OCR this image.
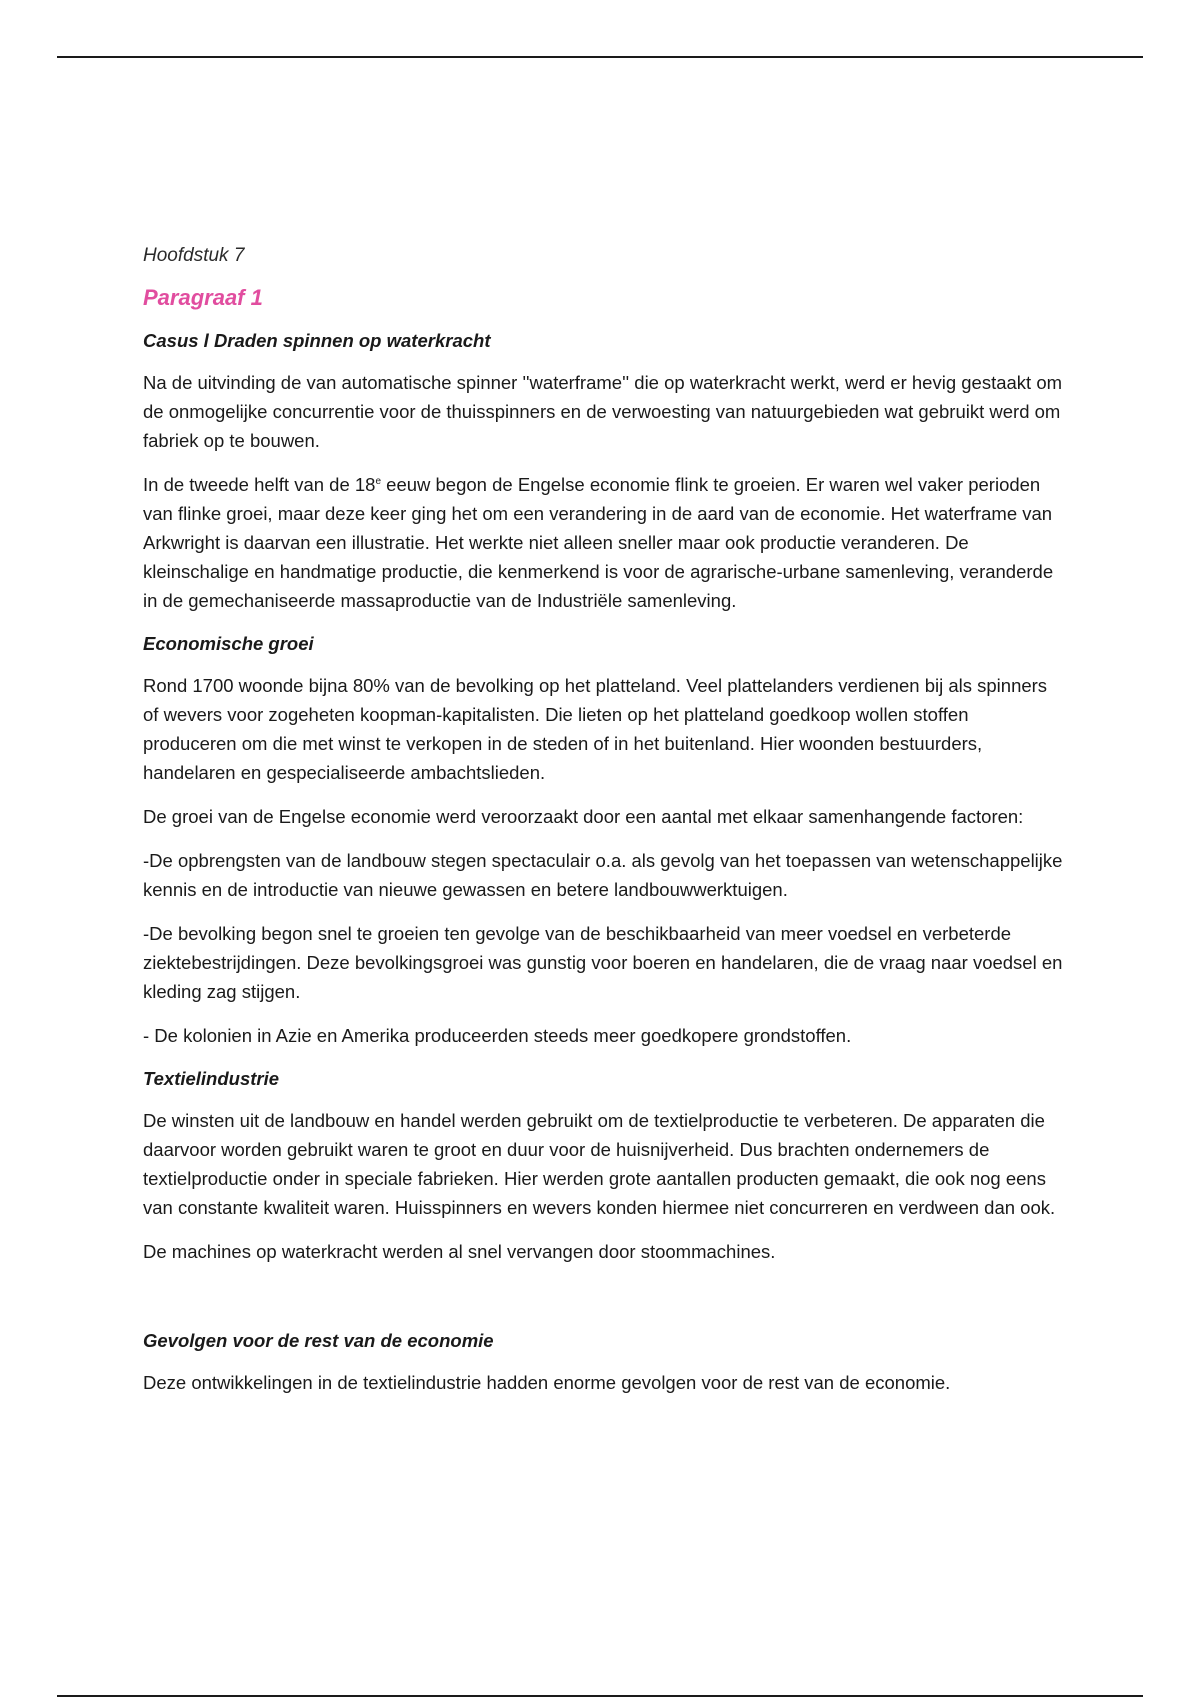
Hoofdstuk 7
Paragraaf 1
Casus l Draden spinnen op waterkracht

Na de uitvinding de van automatische spinner ''waterframe'' die op waterkracht werkt, werd er hevig gestaakt om de onmogelijke concurrentie voor de thuisspinners en de verwoesting van natuurgebieden wat gebruikt werd om fabriek op te bouwen.

In de tweede helft van de 18e eeuw begon de Engelse economie flink te groeien. Er waren wel vaker perioden van flinke groei, maar deze keer ging het om een verandering in de aard van de economie. Het waterframe van Arkwright is daarvan een illustratie. Het werkte niet alleen sneller maar ook productie veranderen. De kleinschalige en handmatige productie, die kenmerkend is voor de agrarische-urbane samenleving, veranderde in de gemechaniseerde massaproductie van de Industriële samenleving.

Economische groei

Rond 1700 woonde bijna 80% van de bevolking op het platteland. Veel plattelanders verdienen bij als spinners of wevers voor zogeheten koopman-kapitalisten. Die lieten op het platteland goedkoop wollen stoffen produceren om die met winst te verkopen in de steden of in het buitenland. Hier woonden bestuurders, handelaren en gespecialiseerde ambachtslieden.

De groei van de Engelse economie werd veroorzaakt door een aantal met elkaar samenhangende factoren:

-De opbrengsten van de landbouw stegen spectaculair o.a. als gevolg van het toepassen van wetenschappelijke kennis en de introductie van nieuwe gewassen en betere landbouwwerktuigen.

-De bevolking begon snel te groeien ten gevolge van de beschikbaarheid van meer voedsel en verbeterde ziektebestrijdingen. Deze bevolkingsgroei was gunstig voor boeren en handelaren, die de vraag naar voedsel en kleding zag stijgen.

- De kolonien in Azie en Amerika produceerden steeds meer goedkopere grondstoffen.

Textielindustrie

De winsten uit de landbouw en handel werden gebruikt om de textielproductie te verbeteren. De apparaten die daarvoor worden gebruikt waren te groot en duur voor de huisnijverheid. Dus brachten ondernemers de textielproductie onder in speciale fabrieken. Hier werden grote aantallen producten gemaakt, die ook nog eens van constante kwaliteit waren. Huisspinners en wevers konden hiermee niet concurreren en verdween dan ook.

De machines op waterkracht werden al snel vervangen door stoommachines.

Gevolgen voor de rest van de economie

Deze ontwikkelingen in de textielindustrie hadden enorme gevolgen voor de rest van de economie.
